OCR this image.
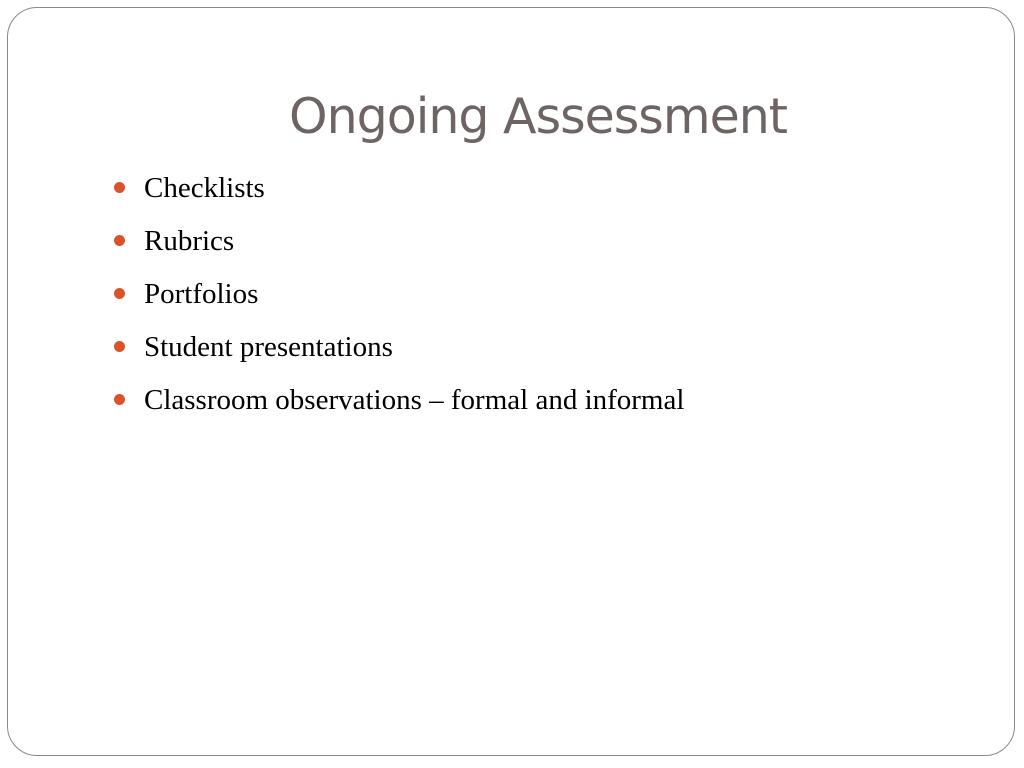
Ongoing Assessment
Checklists
Rubrics
Portfolios
Student presentations
Classroom observations – formal and informal
